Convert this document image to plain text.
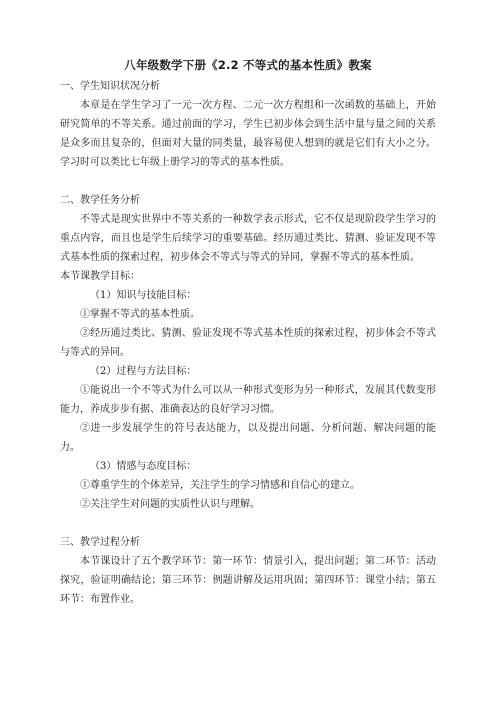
八年级数学下册《2.2 不等式的基本性质》教案

一、学生知识状况分析

本章是在学生学习了一元一次方程、二元一次方程组和一次函数的基础上，开始研究简单的不等关系。通过前面的学习，学生已初步体会到生活中量与量之间的关系是众多而且复杂的，但面对大量的同类量，最容易使人想到的就是它们有大小之分。学习时可以类比七年级上册学习的等式的基本性质。

二、教学任务分析

不等式是现实世界中不等关系的一种数学表示形式，它不仅是现阶段学生学习的重点内容，而且也是学生后续学习的重要基础。经历通过类比、猜测、验证发现不等式基本性质的探索过程，初步体会不等式与等式的异同，掌握不等式的基本性质。

本节课教学目标：

（1）知识与技能目标：

①掌握不等式的基本性质。

②经历通过类比、猜测、验证发现不等式基本性质的探索过程，初步体会不等式与等式的异同。

（2）过程与方法目标：

①能说出一个不等式为什么可以从一种形式变形为另一种形式，发展其代数变形能力，养成步步有据、准确表达的良好学习习惯。

②进一步发展学生的符号表达能力，以及提出问题、分析问题、解决问题的能力。

（3）情感与态度目标：

①尊重学生的个体差异，关注学生的学习情感和自信心的建立。

②关注学生对问题的实质性认识与理解。

三、教学过程分析

本节课设计了五个教学环节：第一环节：情景引入，提出问题；第二环节：活动探究，验证明确结论；第三环节：例题讲解及运用巩固；第四环节：课堂小结；第五环节：布置作业。
